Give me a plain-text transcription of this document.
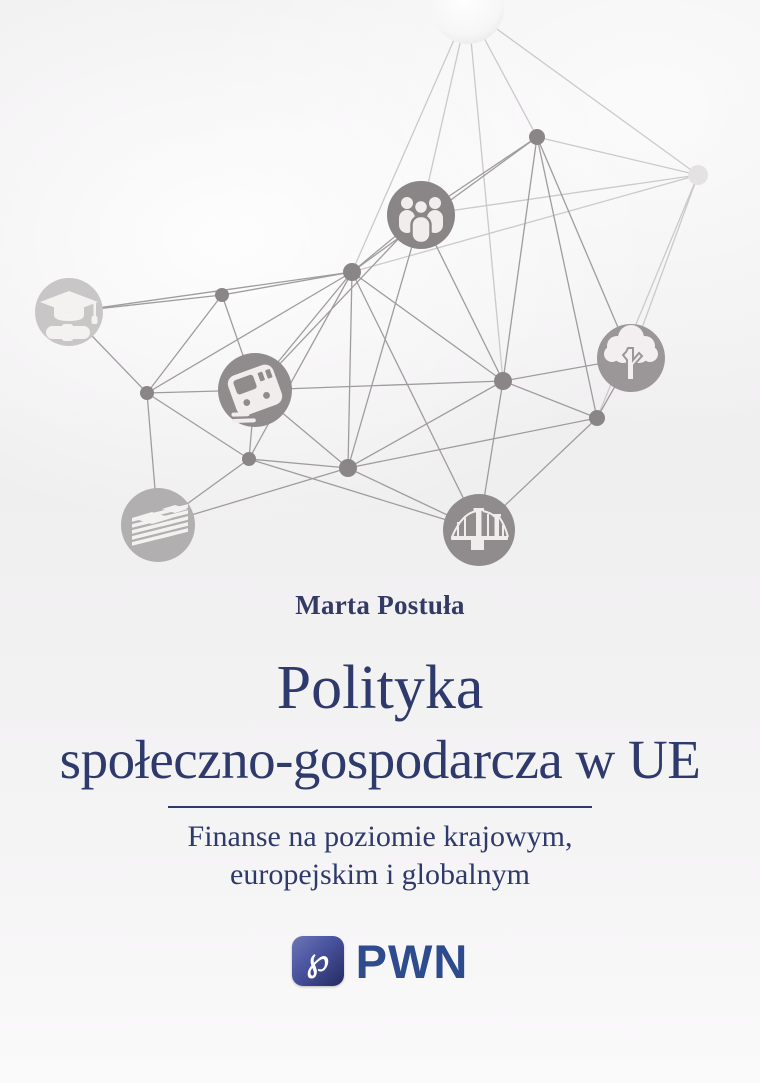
Marta Postuła
Polityka
społeczno-gospodarcza w UE
Finanse na poziomie krajowym,
europejskim i globalnym
℘ PWN
